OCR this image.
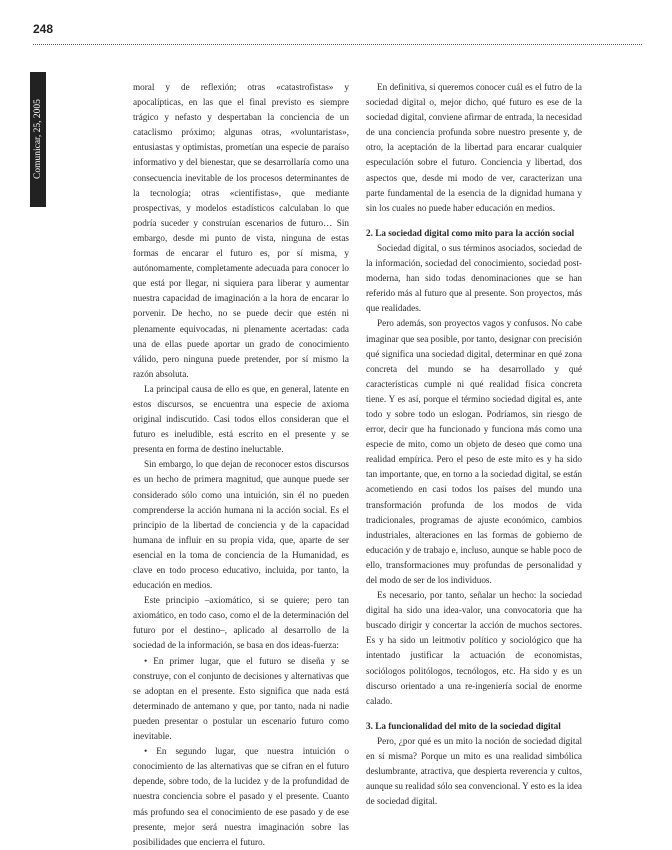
248
Comunicar, 25, 2005

moral y de reflexión; otras «catastrofistas» y apocalípticas, en las que el final previsto es siempre trágico y nefasto y despertaban la conciencia de un cataclismo próximo; algunas otras, «voluntaristas», entusiastas y optimistas, prometían una especie de paraíso informativo y del bienestar, que se desarrollaría como una consecuencia inevitable de los procesos determinantes de la tecnología; otras «cientifistas», que mediante prospectivas, y modelos estadísticos calculaban lo que podría suceder y construían escenarios de futuro… Sin embargo, desde mi punto de vista, ninguna de estas formas de encarar el futuro es, por sí misma, y autónomamente, completamente adecuada para conocer lo que está por llegar, ni siquiera para liberar y aumentar nuestra capacidad de imaginación a la hora de encarar lo porvenir. De hecho, no se puede decir que estén ni plenamente equivocadas, ni plenamente acertadas: cada una de ellas puede aportar un grado de conocimiento válido, pero ninguna puede pretender, por sí mismo la razón absoluta.

La principal causa de ello es que, en general, latente en estos discursos, se encuentra una especie de axioma original indiscutido. Casi todos ellos consideran que el futuro es ineludible, está escrito en el presente y se presenta en forma de destino ineluctable.

Sin embargo, lo que dejan de reconocer estos discursos es un hecho de primera magnitud, que aunque puede ser considerado sólo como una intuición, sin él no pueden comprenderse la acción humana ni la acción social. Es el principio de la libertad de conciencia y de la capacidad humana de influir en su propia vida, que, aparte de ser esencial en la toma de conciencia de la Humanidad, es clave en todo proceso educativo, incluida, por tanto, la educación en medios.

Este principio –axiomático, si se quiere; pero tan axiomático, en todo caso, como el de la determinación del futuro por el destino–, aplicado al desarrollo de la sociedad de la información, se basa en dos ideas-fuerza:

• En primer lugar, que el futuro se diseña y se construye, con el conjunto de decisiones y alternativas que se adoptan en el presente. Esto significa que nada está determinado de antemano y que, por tanto, nada ni nadie pueden presentar o postular un escenario futuro como inevitable.

• En segundo lugar, que nuestra intuición o conocimiento de las alternativas que se cifran en el futuro depende, sobre todo, de la lucidez y de la profundidad de nuestra conciencia sobre el pasado y el presente. Cuanto más profundo sea el conocimiento de ese pasado y de ese presente, mejor será nuestra imaginación sobre las posibilidades que encierra el futuro.

En definitiva, si queremos conocer cuál es el futro de la sociedad digital o, mejor dicho, qué futuro es ese de la sociedad digital, conviene afirmar de entrada, la necesidad de una conciencia profunda sobre nuestro presente y, de otro, la aceptación de la libertad para encarar cualquier especulación sobre el futuro. Conciencia y libertad, dos aspectos que, desde mi modo de ver, caracterizan una parte fundamental de la esencia de la dignidad humana y sin los cuales no puede haber educación en medios.

2. La sociedad digital como mito para la acción social

Sociedad digital, o sus términos asociados, sociedad de la información, sociedad del conocimiento, sociedad post-moderna, han sido todas denominaciones que se han referido más al futuro que al presente. Son proyectos, más que realidades.

Pero además, son proyectos vagos y confusos. No cabe imaginar que sea posible, por tanto, designar con precisión qué significa una sociedad digital, determinar en qué zona concreta del mundo se ha desarrollado y qué características cumple ni qué realidad física concreta tiene. Y es así, porque el término sociedad digital es, ante todo y sobre todo un eslogan. Podríamos, sin riesgo de error, decir que ha funcionado y funciona más como una especie de mito, como un objeto de deseo que como una realidad empírica. Pero el peso de este mito es y ha sido tan importante, que, en torno a la sociedad digital, se están acometiendo en casi todos los países del mundo una transformación profunda de los modos de vida tradicionales, programas de ajuste económico, cambios industriales, alteraciones en las formas de gobierno de educación y de trabajo e, incluso, aunque se hable poco de ello, transformaciones muy profundas de personalidad y del modo de ser de los individuos.

Es necesario, por tanto, señalar un hecho: la sociedad digital ha sido una idea-valor, una convocatoria que ha buscado dirigir y concertar la acción de muchos sectores. Es y ha sido un leitmotiv político y sociológico que ha intentado justificar la actuación de economistas, sociólogos politólogos, tecnólogos, etc. Ha sido y es un discurso orientado a una re-ingeniería social de enorme calado.

3. La funcionalidad del mito de la sociedad digital

Pero, ¿por qué es un mito la noción de sociedad digital en sí misma? Porque un mito es una realidad simbólica deslumbrante, atractiva, que despierta reverencia y cultos, aunque su realidad sólo sea convencional. Y esto es la idea de sociedad digital.
